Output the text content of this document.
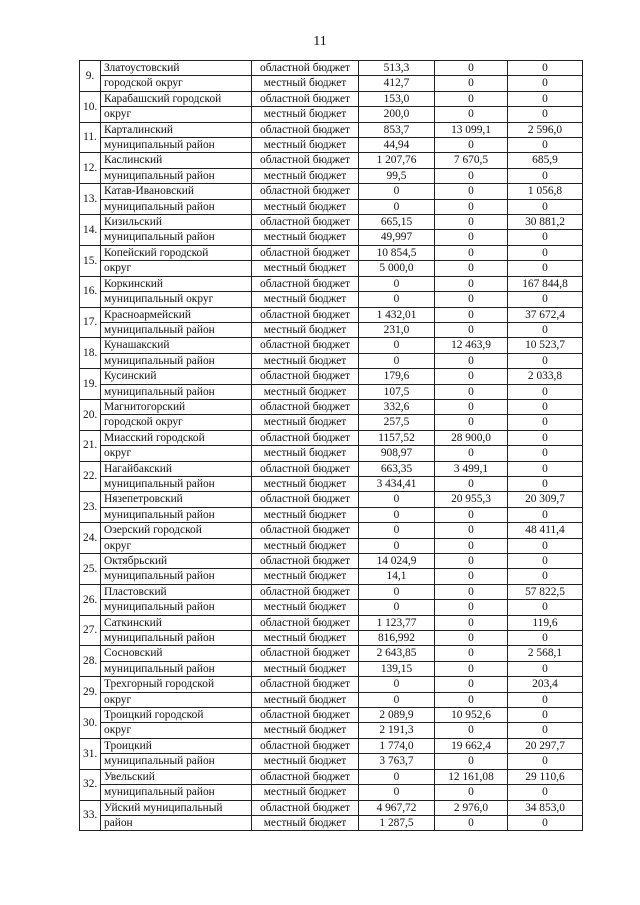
11
9.	Златоустовский	областной бюджет	513,3	0	0
	городской округ	местный бюджет	412,7	0	0
10.	Карабашский городской	областной бюджет	153,0	0	0
	округ	местный бюджет	200,0	0	0
11.	Карталинский	областной бюджет	853,7	13 099,1	2 596,0
	муниципальный район	местный бюджет	44,94	0	0
12.	Каслинский	областной бюджет	1 207,76	7 670,5	685,9
	муниципальный район	местный бюджет	99,5	0	0
13.	Катав-Ивановский	областной бюджет	0	0	1 056,8
	муниципальный район	местный бюджет	0	0	0
14.	Кизильский	областной бюджет	665,15	0	30 881,2
	муниципальный район	местный бюджет	49,997	0	0
15.	Копейский городской	областной бюджет	10 854,5	0	0
	округ	местный бюджет	5 000,0	0	0
16.	Коркинский	областной бюджет	0	0	167 844,8
	муниципальный округ	местный бюджет	0	0	0
17.	Красноармейский	областной бюджет	1 432,01	0	37 672,4
	муниципальный район	местный бюджет	231,0	0	0
18.	Кунашакский	областной бюджет	0	12 463,9	10 523,7
	муниципальный район	местный бюджет	0	0	0
19.	Кусинский	областной бюджет	179,6	0	2 033,8
	муниципальный район	местный бюджет	107,5	0	0
20.	Магнитогорский	областной бюджет	332,6	0	0
	городской округ	местный бюджет	257,5	0	0
21.	Миасский городской	областной бюджет	1157,52	28 900,0	0
	округ	местный бюджет	908,97	0	0
22.	Нагайбакский	областной бюджет	663,35	3 499,1	0
	муниципальный район	местный бюджет	3 434,41	0	0
23.	Нязепетровский	областной бюджет	0	20 955,3	20 309,7
	муниципальный район	местный бюджет	0	0	0
24.	Озерский городской	областной бюджет	0	0	48 411,4
	округ	местный бюджет	0	0	0
25.	Октябрьский	областной бюджет	14 024,9	0	0
	муниципальный район	местный бюджет	14,1	0	0
26.	Пластовский	областной бюджет	0	0	57 822,5
	муниципальный район	местный бюджет	0	0	0
27.	Саткинский	областной бюджет	1 123,77	0	119,6
	муниципальный район	местный бюджет	816,992	0	0
28.	Сосновский	областной бюджет	2 643,85	0	2 568,1
	муниципальный район	местный бюджет	139,15	0	0
29.	Трехгорный городской	областной бюджет	0	0	203,4
	округ	местный бюджет	0	0	0
30.	Троицкий городской	областной бюджет	2 089,9	10 952,6	0
	округ	местный бюджет	2 191,3	0	0
31.	Троицкий	областной бюджет	1 774,0	19 662,4	20 297,7
	муниципальный район	местный бюджет	3 763,7	0	0
32.	Увельский	областной бюджет	0	12 161,08	29 110,6
	муниципальный район	местный бюджет	0	0	0
33.	Уйский муниципальный	областной бюджет	4 967,72	2 976,0	34 853,0
	район	местный бюджет	1 287,5	0	0
